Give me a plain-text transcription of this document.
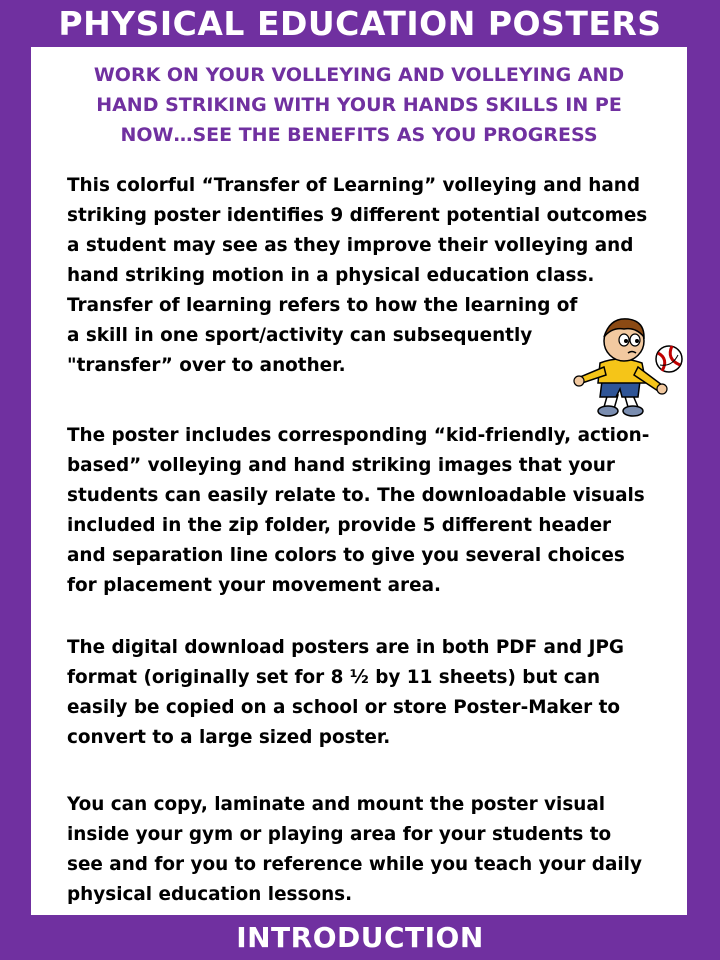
PHYSICAL EDUCATION POSTERS
WORK ON YOUR VOLLEYING AND VOLLEYING AND
HAND STRIKING WITH YOUR HANDS SKILLS IN PE
NOW…SEE THE BENEFITS AS YOU PROGRESS

This colorful “Transfer of Learning” volleying and hand
striking poster identifies 9 different potential outcomes
a student may see as they improve their volleying and
hand striking motion in a physical education class.
Transfer of learning refers to how the learning of
a skill in one sport/activity can subsequently
"transfer” over to another.

The poster includes corresponding “kid-friendly, action-
based” volleying and hand striking images that your
students can easily relate to. The downloadable visuals
included in the zip folder, provide 5 different header
and separation line colors to give you several choices
for placement your movement area.

The digital download posters are in both PDF and JPG
format (originally set for 8 ½ by 11 sheets) but can
easily be copied on a school or store Poster-Maker to
convert to a large sized poster.

You can copy, laminate and mount the poster visual
inside your gym or playing area for your students to
see and for you to reference while you teach your daily
physical education lessons.

INTRODUCTION
